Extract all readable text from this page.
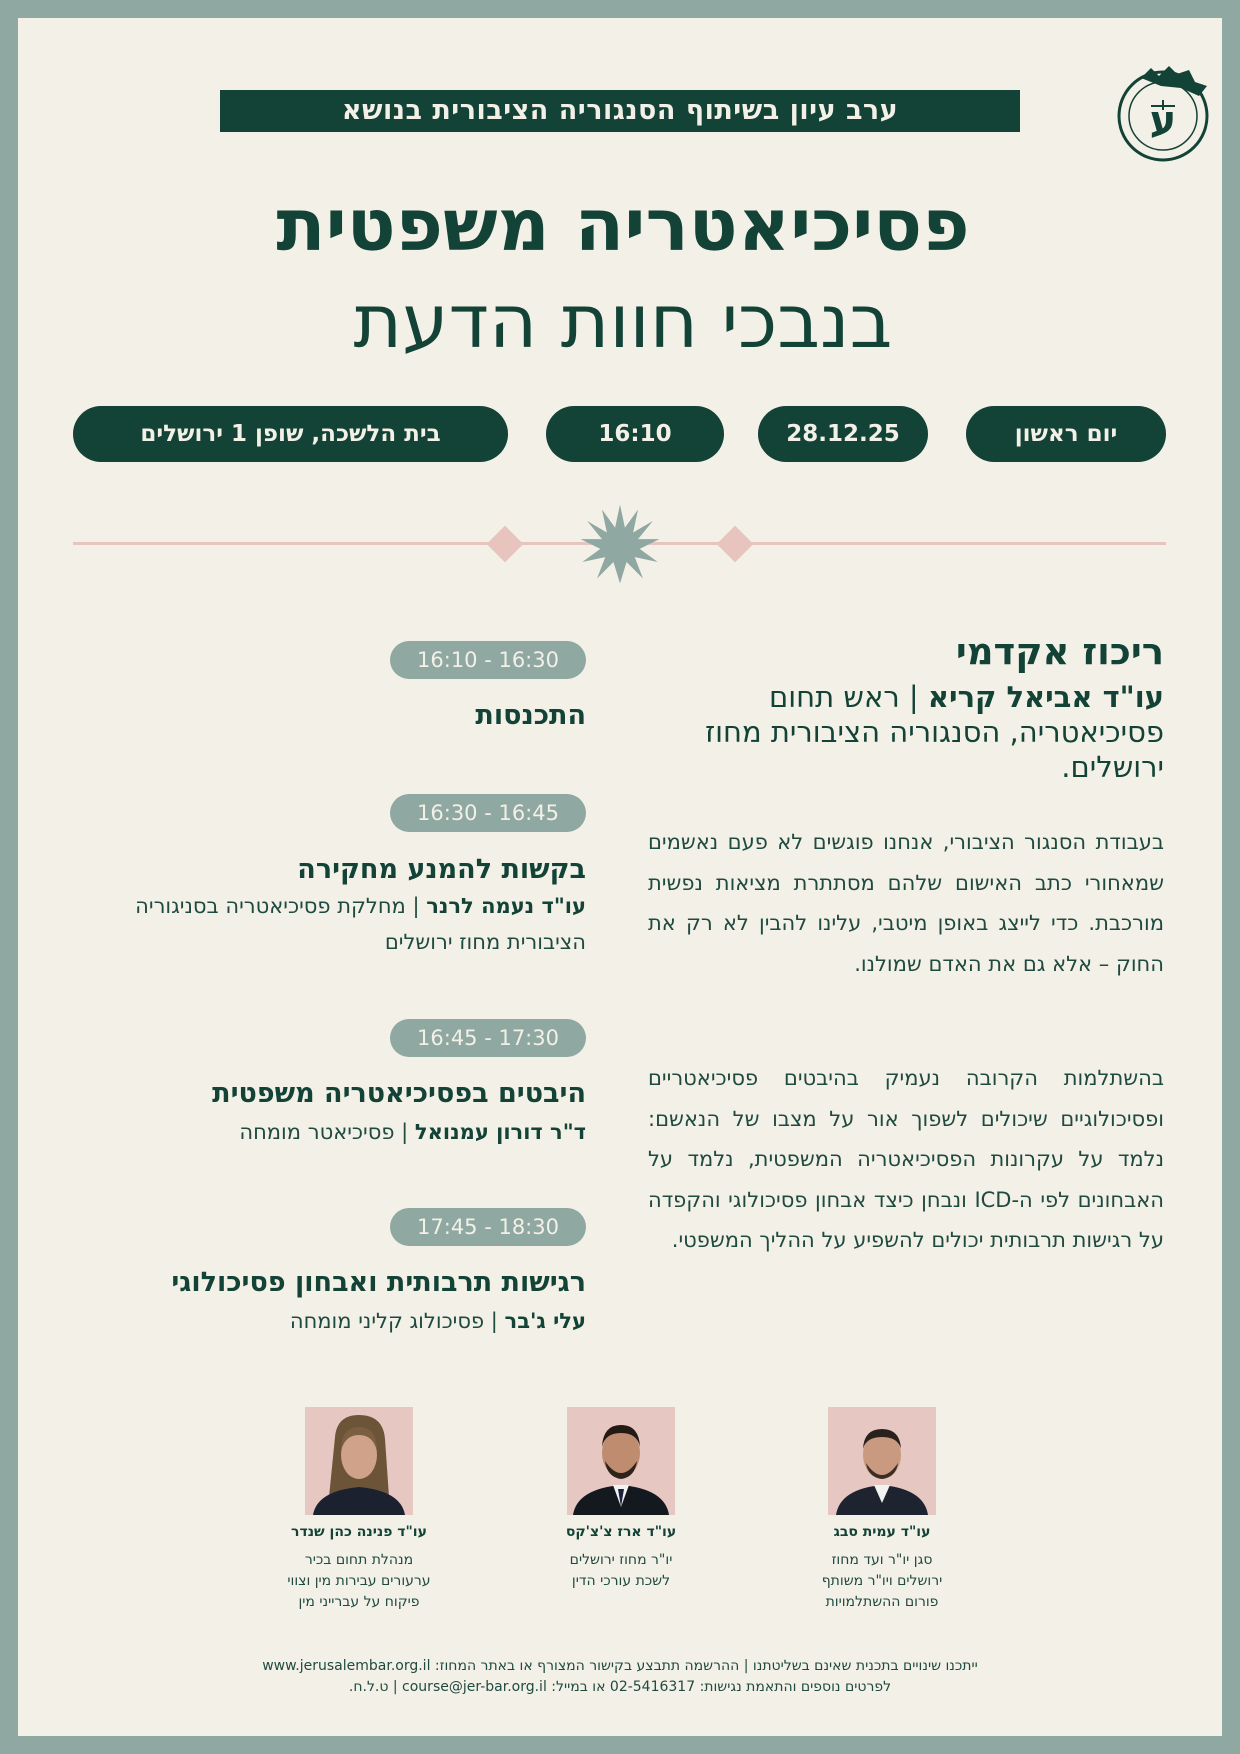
ע
ערב עיון בשיתוף הסנגוריה הציבורית בנושא
פסיכיאטריה משפטית
בנבכי חוות הדעת
יום ראשון
28.12.25
16:10
בית הלשכה, שופן 1 ירושלים
ריכוז אקדמי
עו"ד אביאל קריא | ראש תחום פסיכיאטריה, הסנגוריה הציבורית מחוז ירושלים.
בעבודת הסנגור הציבורי, אנחנו פוגשים לא פעם נאשמים שמאחורי כתב האישום שלהם מסתתרת מציאות נפשית מורכבת. כדי לייצג באופן מיטבי, עלינו להבין לא רק את החוק – אלא גם את האדם שמולנו.
בהשתלמות הקרובה נעמיק בהיבטים פסיכיאטריים ופסיכולוגיים שיכולים לשפוך אור על מצבו של הנאשם: נלמד על עקרונות הפסיכיאטריה המשפטית, נלמד על האבחונים לפי ה-ICD ונבחן כיצד אבחון פסיכולוגי והקפדה על רגישות תרבותית יכולים להשפיע על ההליך המשפטי.
16:10 - 16:30
התכנסות
16:30 - 16:45
בקשות להמנע מחקירה
עו"ד נעמה לרנר | מחלקת פסיכיאטריה בסניגוריה הציבורית מחוז ירושלים
16:45 - 17:30
היבטים בפסיכיאטריה משפטית
ד"ר דורון עמנואל | פסיכיאטר מומחה
17:45 - 18:30
רגישות תרבותית ואבחון פסיכולוגי
עלי ג'בר | פסיכולוג קליני מומחה
עו"ד עמית סבג
סגן יו"ר ועד מחוז
ירושלים ויו"ר משותף
פורום ההשתלמויות
עו"ד ארז צ'צ'קס
יו"ר מחוז ירושלים
לשכת עורכי הדין
עו"ד פנינה כהן שנדר
מנהלת תחום בכיר
ערעורים עבירות מין וצווי
פיקוח על עברייני מין
ייתכנו שינויים בתכנית שאינם בשליטתנו | ההרשמה תתבצע בקישור המצורף או באתר המחוז: www.jerusalembar.org.il
לפרטים נוספים והתאמת נגישות: 02-5416317 או במייל: course@jer-bar.org.il | ט.ל.ח.
